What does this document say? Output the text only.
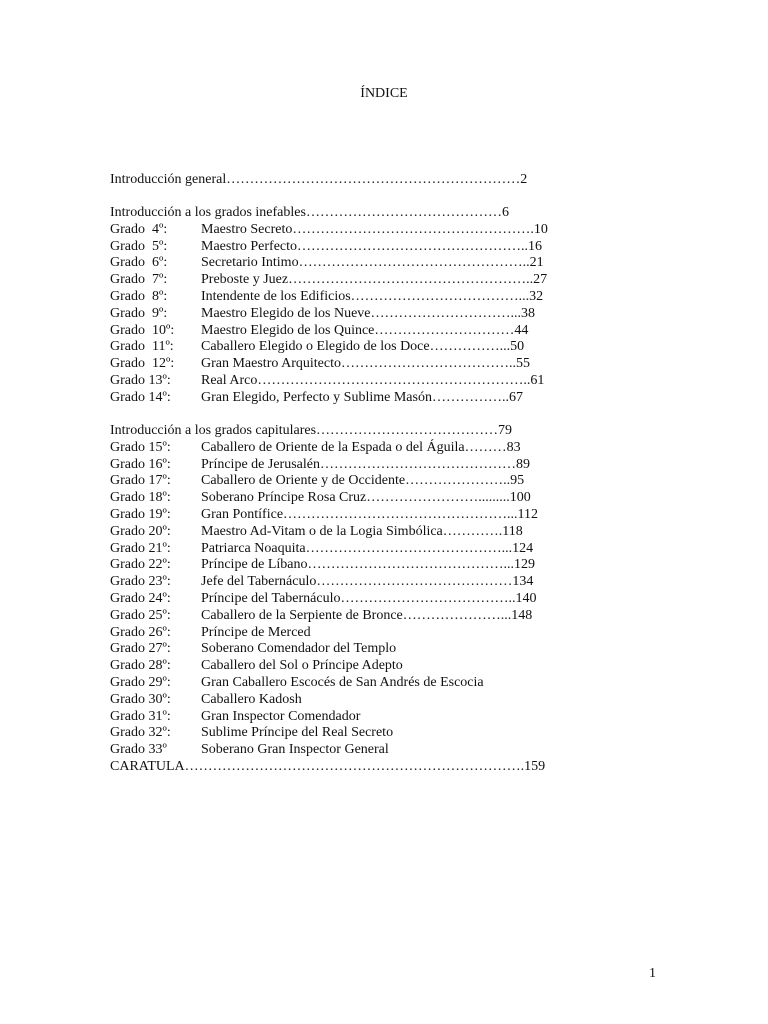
ÍNDICE

Introducción general………………………………………………………2

Introducción a los grados inefables……………………………………6

Grado  4º:

Maestro Secreto…………………………………………….10

Grado  5º:

Maestro Perfecto…………………………………………..16

Grado  6º:

Secretario Intimo…………………………………………..21

Grado  7º:

Preboste y Juez……………………………………………..27

Grado  8º:

Intendente de los Edificios………………………………...32

Grado  9º:

Maestro Elegido de los Nueve…………………………...38

Grado  10º:

Maestro Elegido de los Quince…………………………44

Grado  11º:

Caballero Elegido o Elegido de los Doce……………...50

Grado  12º:

Gran Maestro Arquitecto………………………………..55

Grado 13º:

Real Arco…………………………………………………..61

Grado 14º:

Gran Elegido, Perfecto y Sublime Masón……………..67

Introducción a los grados capitulares…………………………………79

Grado 15º:

Caballero de Oriente de la Espada o del Águila………83

Grado 16º:

Príncipe de Jerusalén……………………………………89

Grado 17º:

Caballero de Oriente y de Occidente…………………..95

Grado 18º:

Soberano Príncipe Rosa Cruz…………………….........100

Grado 19º:

Gran Pontífice…………………………………………...112

Grado 20º:

Maestro Ad-Vitam o de la Logia Simbólica………….118

Grado 21º:

Patriarca Noaquita……………………………………...124

Grado 22º:

Príncipe de Líbano……………………………………...129

Grado 23º:

Jefe del Tabernáculo……………………………………134

Grado 24º:

Príncipe del Tabernáculo………………………………..140

Grado 25º:

Caballero de la Serpiente de Bronce…………………...148

Grado 26º:

Príncipe de Merced

Grado 27º:

Soberano Comendador del Templo

Grado 28º:

Caballero del Sol o Príncipe Adepto

Grado 29º:

Gran Caballero Escocés de San Andrés de Escocia

Grado 30º:

Caballero Kadosh

Grado 31º:

Gran Inspector Comendador

Grado 32º:

Sublime Príncipe del Real Secreto

Grado 33º

Soberano Gran Inspector General

CARATULA……………………………………………………………….159

1
